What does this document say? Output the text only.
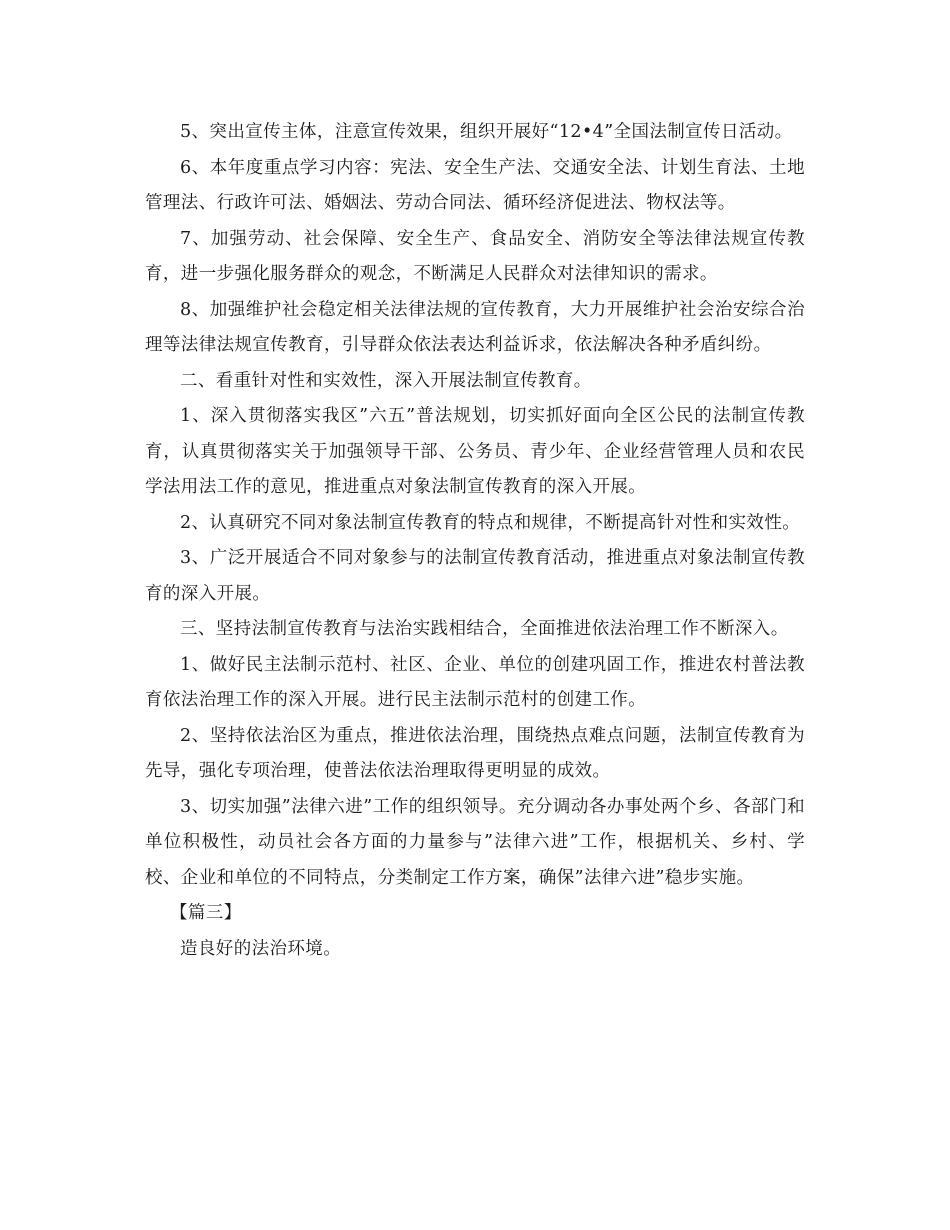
5、突出宣传主体，注意宣传效果，组织开展好“12•4”全国法制宣传日活动。

6、本年度重点学习内容：宪法、安全生产法、交通安全法、计划生育法、土地管理法、行政许可法、婚姻法、劳动合同法、循环经济促进法、物权法等。

7、加强劳动、社会保障、安全生产、食品安全、消防安全等法律法规宣传教育，进一步强化服务群众的观念，不断满足人民群众对法律知识的需求。

8、加强维护社会稳定相关法律法规的宣传教育，大力开展维护社会治安综合治理等法律法规宣传教育，引导群众依法表达利益诉求，依法解决各种矛盾纠纷。

二、看重针对性和实效性，深入开展法制宣传教育。

1、深入贯彻落实我区”六五”普法规划，切实抓好面向全区公民的法制宣传教育，认真贯彻落实关于加强领导干部、公务员、青少年、企业经营管理人员和农民学法用法工作的意见，推进重点对象法制宣传教育的深入开展。

2、认真研究不同对象法制宣传教育的特点和规律，不断提高针对性和实效性。

3、广泛开展适合不同对象参与的法制宣传教育活动，推进重点对象法制宣传教育的深入开展。

三、坚持法制宣传教育与法治实践相结合，全面推进依法治理工作不断深入。

1、做好民主法制示范村、社区、企业、单位的创建巩固工作，推进农村普法教育依法治理工作的深入开展。进行民主法制示范村的创建工作。

2、坚持依法治区为重点，推进依法治理，围绕热点难点问题，法制宣传教育为先导，强化专项治理，使普法依法治理取得更明显的成效。

3、切实加强”法律六进”工作的组织领导。充分调动各办事处两个乡、各部门和单位积极性，动员社会各方面的力量参与”法律六进”工作，根据机关、乡村、学校、企业和单位的不同特点，分类制定工作方案，确保”法律六进”稳步实施。

【篇三】

造良好的法治环境。
